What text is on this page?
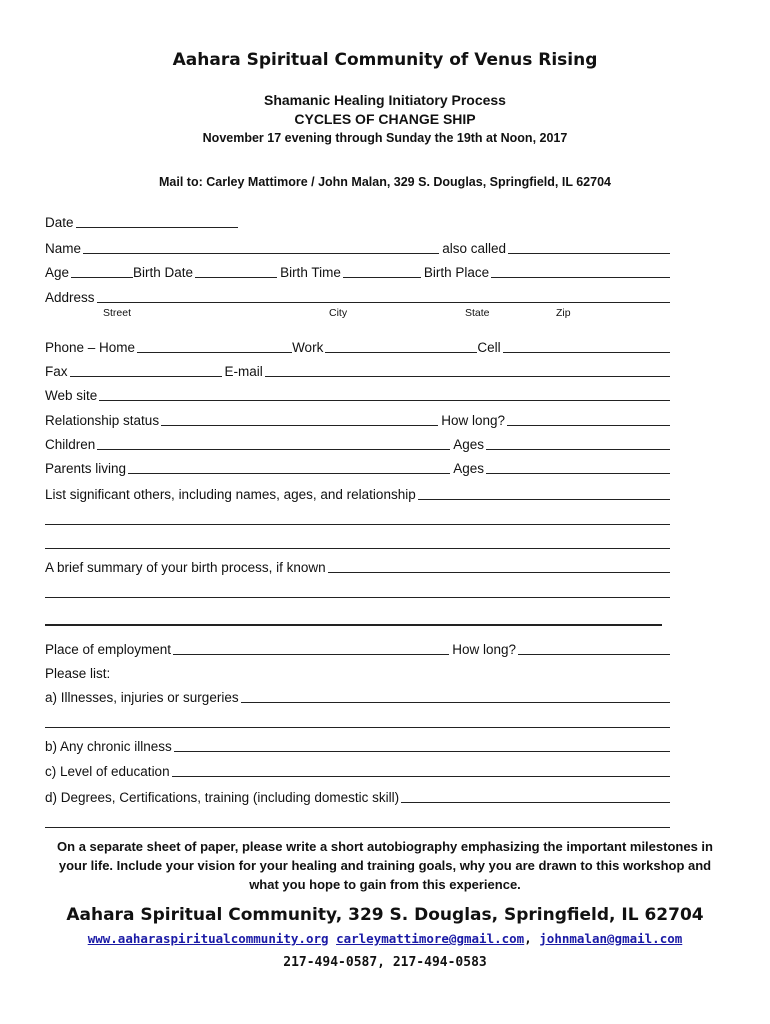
Aahara Spiritual Community of Venus Rising
Shamanic Healing Initiatory Process
CYCLES OF CHANGE SHIP
November 17 evening through Sunday the 19th at Noon, 2017
Mail to: Carley Mattimore / John Malan, 329 S. Douglas, Springfield, IL 62704
Date
Name	also called
Age	Birth Date	Birth Time	Birth Place
Address
Street	City	State	Zip
Phone – Home	Work	Cell
Fax	E-mail
Web site
Relationship status	How long?
Children	Ages
Parents living	Ages
List significant others, including names, ages, and relationship
A brief summary of your birth process, if known
Place of employment	How long?
Please list:
a) Illnesses, injuries or surgeries
b) Any chronic illness
c) Level of education
d) Degrees, Certifications, training (including domestic skill)
On a separate sheet of paper, please write a short autobiography emphasizing the important milestones in your life. Include your vision for your healing and training goals, why you are drawn to this workshop and what you hope to gain from this experience.
Aahara Spiritual Community, 329 S. Douglas, Springfield, IL 62704
www.aaharaspiritualcommunity.org carleymattimore@gmail.com, johnmalan@gmail.com
217-494-0587, 217-494-0583
